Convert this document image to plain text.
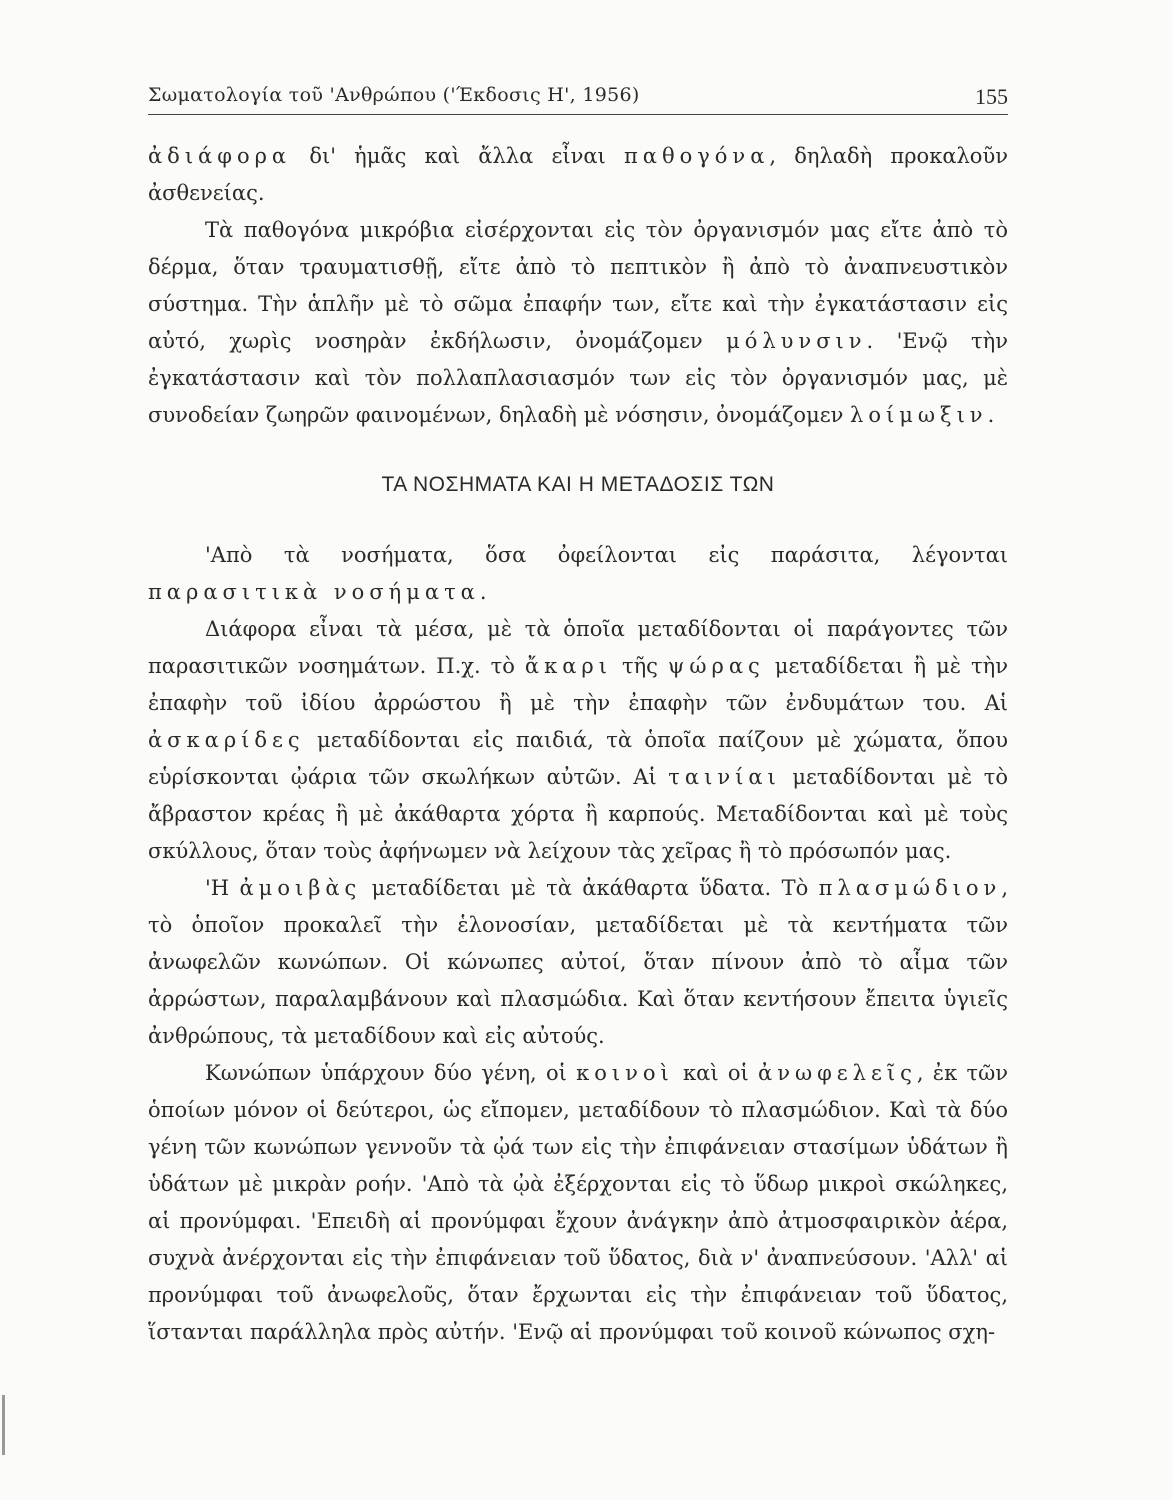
Σωματολογία τοῦ 'Ανθρώπου ('Έκδοσις Η', 1956)	155

ἀδιάφορα δι' ἡμᾶς καὶ ἄλλα εἶναι παθογόνα, δηλαδὴ προκαλοῦν ἀσθενείας.

Τὰ παθογόνα μικρόβια εἰσέρχονται εἰς τὸν ὀργανισμόν μας εἴτε ἀπὸ τὸ δέρμα, ὅταν τραυματισθῇ, εἴτε ἀπὸ τὸ πεπτικὸν ἢ ἀπὸ τὸ ἀναπνευστικὸν σύστημα. Τὴν ἁπλῆν μὲ τὸ σῶμα ἐπαφήν των, εἴτε καὶ τὴν ἐγκατάστασιν εἰς αὐτό, χωρὶς νοσηρὰν ἐκδήλωσιν, ὀνομάζομεν μόλυνσιν. 'Ενῷ τὴν ἐγκατάστασιν καὶ τὸν πολλαπλασιασμόν των εἰς τὸν ὀργανισμόν μας, μὲ συνοδείαν ζωηρῶν φαινομένων, δηλαδὴ μὲ νόσησιν, ὀνομάζομεν λοίμωξιν.

ΤΑ ΝΟΣΗΜΑΤΑ ΚΑΙ Η ΜΕΤΑΔΟΣΙΣ ΤΩΝ

'Απὸ τὰ νοσήματα, ὅσα ὀφείλονται εἰς παράσιτα, λέγονται παρασιτικὰ νοσήματα.

Διάφορα εἶναι τὰ μέσα, μὲ τὰ ὁποῖα μεταδίδονται οἱ παράγοντες τῶν παρασιτικῶν νοσημάτων. Π.χ. τὸ ἄκαρι τῆς ψώρας μεταδίδεται ἢ μὲ τὴν ἐπαφὴν τοῦ ἰδίου ἀρρώστου ἢ μὲ τὴν ἐπαφὴν τῶν ἐνδυμάτων του. Αἱ ἀσκαρίδες μεταδίδονται εἰς παιδιά, τὰ ὁποῖα παίζουν μὲ χώματα, ὅπου εὑρίσκονται ᾠάρια τῶν σκωλήκων αὐτῶν. Αἱ ταινίαι μεταδίδονται μὲ τὸ ἄβραστον κρέας ἢ μὲ ἀκάθαρτα χόρτα ἢ καρπούς. Μεταδίδονται καὶ μὲ τοὺς σκύλλους, ὅταν τοὺς ἀφήνωμεν νὰ λείχουν τὰς χεῖρας ἢ τὸ πρόσωπόν μας.

'Η ἀμοιβὰς μεταδίδεται μὲ τὰ ἀκάθαρτα ὕδατα. Τὸ πλασμώδιον, τὸ ὁποῖον προκαλεῖ τὴν ἑλονοσίαν, μεταδίδεται μὲ τὰ κεντήματα τῶν ἀνωφελῶν κωνώπων. Οἱ κώνωπες αὐτοί, ὅταν πίνουν ἀπὸ τὸ αἷμα τῶν ἀρρώστων, παραλαμβάνουν καὶ πλασμώδια. Καὶ ὅταν κεντήσουν ἔπειτα ὑγιεῖς ἀνθρώπους, τὰ μεταδίδουν καὶ εἰς αὐτούς.

Κωνώπων ὑπάρχουν δύο γένη, οἱ κοινοὶ καὶ οἱ ἀνωφελεῖς, ἐκ τῶν ὁποίων μόνον οἱ δεύτεροι, ὡς εἴπομεν, μεταδίδουν τὸ πλασμώδιον. Καὶ τὰ δύο γένη τῶν κωνώπων γεννοῦν τὰ ᾠά των εἰς τὴν ἐπιφάνειαν στασίμων ὑδάτων ἢ ὑδάτων μὲ μικρὰν ροήν. 'Απὸ τὰ ᾠὰ ἐξέρχονται εἰς τὸ ὕδωρ μικροὶ σκώληκες, αἱ προνύμφαι. 'Επειδὴ αἱ προνύμφαι ἔχουν ἀνάγκην ἀπὸ ἀτμοσφαιρικὸν ἀέρα, συχνὰ ἀνέρχονται εἰς τὴν ἐπιφάνειαν τοῦ ὕδατος, διὰ ν' ἀναπνεύσουν. 'Αλλ' αἱ προνύμφαι τοῦ ἀνωφελοῦς, ὅταν ἔρχωνται εἰς τὴν ἐπιφάνειαν τοῦ ὕδατος, ἵστανται παράλληλα πρὸς αὐτήν. 'Ενῷ αἱ προνύμφαι τοῦ κοινοῦ κώνωπος σχη-
